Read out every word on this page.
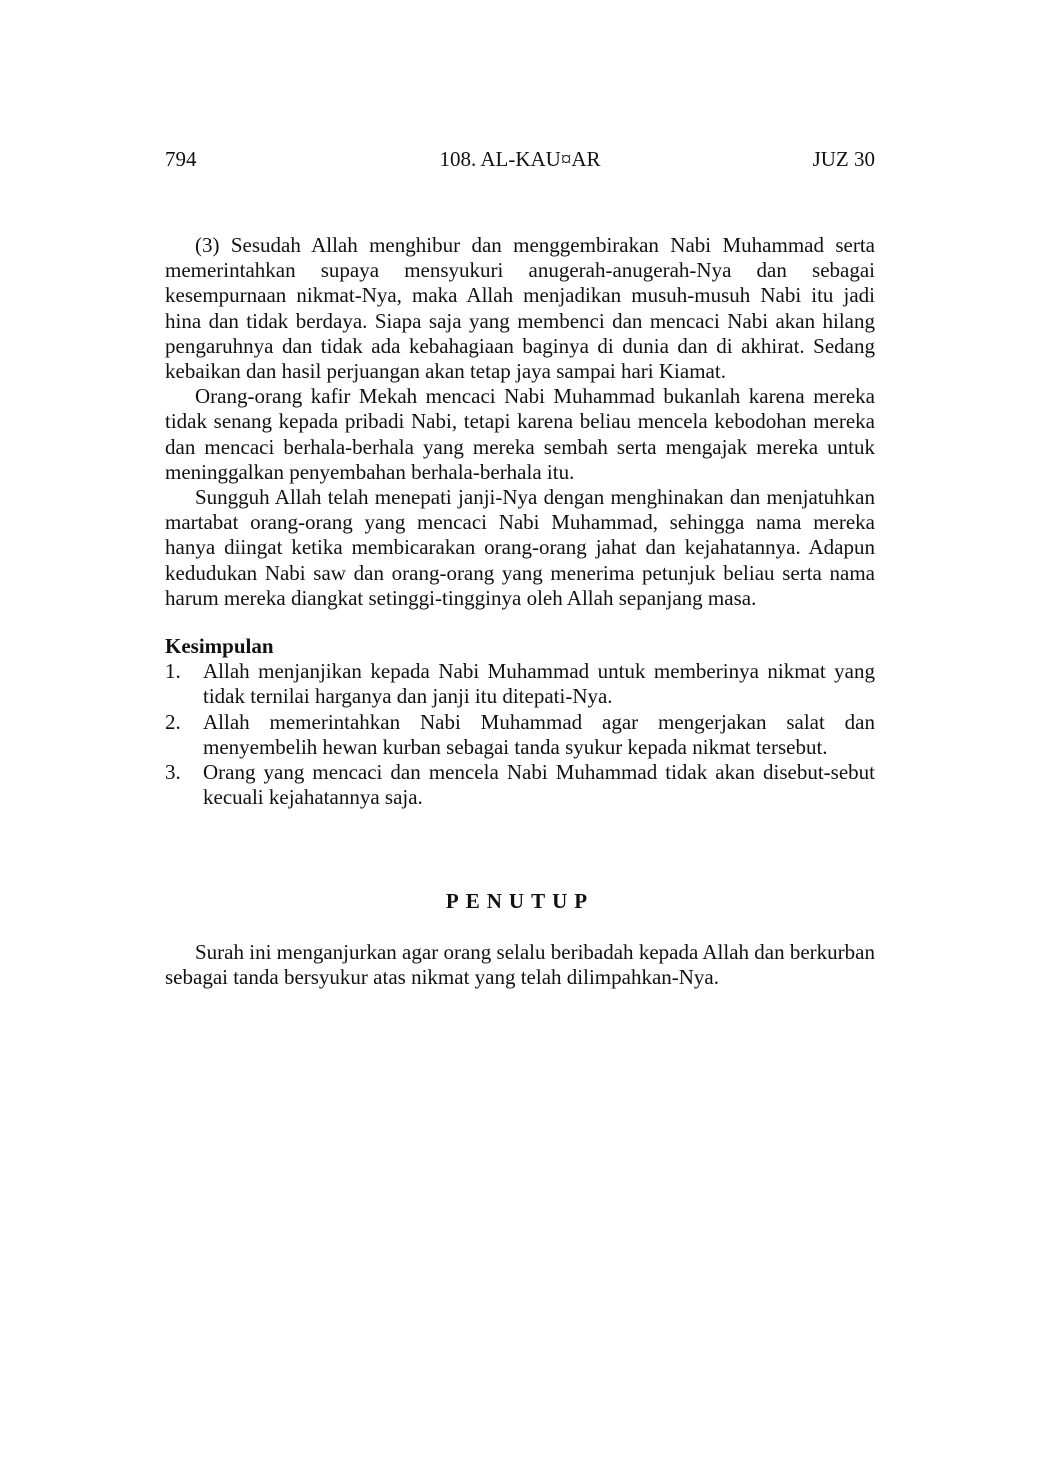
794	108. AL-KAU¤AR	JUZ 30

(3) Sesudah Allah menghibur dan menggembirakan Nabi Muhammad serta memerintahkan supaya mensyukuri anugerah-anugerah-Nya dan sebagai kesempurnaan nikmat-Nya, maka Allah menjadikan musuh-musuh Nabi itu jadi hina dan tidak berdaya. Siapa saja yang membenci dan mencaci Nabi akan hilang pengaruhnya dan tidak ada kebahagiaan baginya di dunia dan di akhirat. Sedang kebaikan dan hasil perjuangan akan tetap jaya sampai hari Kiamat.

Orang-orang kafir Mekah mencaci Nabi Muhammad bukanlah karena mereka tidak senang kepada pribadi Nabi, tetapi karena beliau mencela kebodohan mereka dan mencaci berhala-berhala yang mereka sembah serta mengajak mereka untuk meninggalkan penyembahan berhala-berhala itu.

Sungguh Allah telah menepati janji-Nya dengan menghinakan dan menjatuhkan martabat orang-orang yang mencaci Nabi Muhammad, sehingga nama mereka hanya diingat ketika membicarakan orang-orang jahat dan kejahatannya. Adapun kedudukan Nabi saw dan orang-orang yang menerima petunjuk beliau serta nama harum mereka diangkat setinggi-tingginya oleh Allah sepanjang masa.

Kesimpulan
1. Allah menjanjikan kepada Nabi Muhammad untuk memberinya nikmat yang tidak ternilai harganya dan janji itu ditepati-Nya.
2. Allah memerintahkan Nabi Muhammad agar mengerjakan salat dan menyembelih hewan kurban sebagai tanda syukur kepada nikmat tersebut.
3. Orang yang mencaci dan mencela Nabi Muhammad tidak akan disebut-sebut kecuali kejahatannya saja.
PENUTUP

Surah ini menganjurkan agar orang selalu beribadah kepada Allah dan berkurban sebagai tanda bersyukur atas nikmat yang telah dilimpahkan-Nya.
